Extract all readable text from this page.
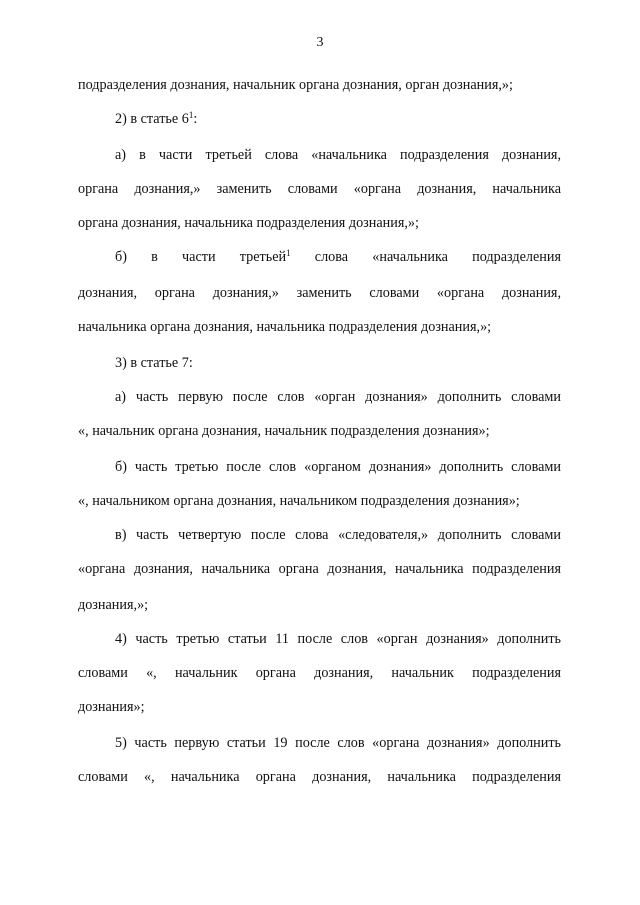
3
подразделения дознания, начальник органа дознания, орган дознания,»;
2) в статье $6^1$:
а) в части третьей слова «начальника подразделения дознания,
органа дознания,» заменить словами «органа дознания, начальника
органа дознания, начальника подразделения дознания,»;
б) в части третьей$^1$ слова «начальника подразделения
дознания, органа дознания,» заменить словами «органа дознания,
начальника органа дознания, начальника подразделения дознания,»;
3) в статье 7:
а) часть первую после слов «орган дознания» дополнить словами
«, начальник органа дознания, начальник подразделения дознания»;
б) часть третью после слов «органом дознания» дополнить словами
«, начальником органа дознания, начальником подразделения дознания»;
в) часть четвертую после слова «следователя,» дополнить словами
«органа дознания, начальника органа дознания, начальника подразделения
дознания,»;
4) часть третью статьи 11 после слов «орган дознания» дополнить
словами «, начальник органа дознания, начальник подразделения
дознания»;
5) часть первую статьи 19 после слов «органа дознания» дополнить
словами «, начальника органа дознания, начальника подразделения
